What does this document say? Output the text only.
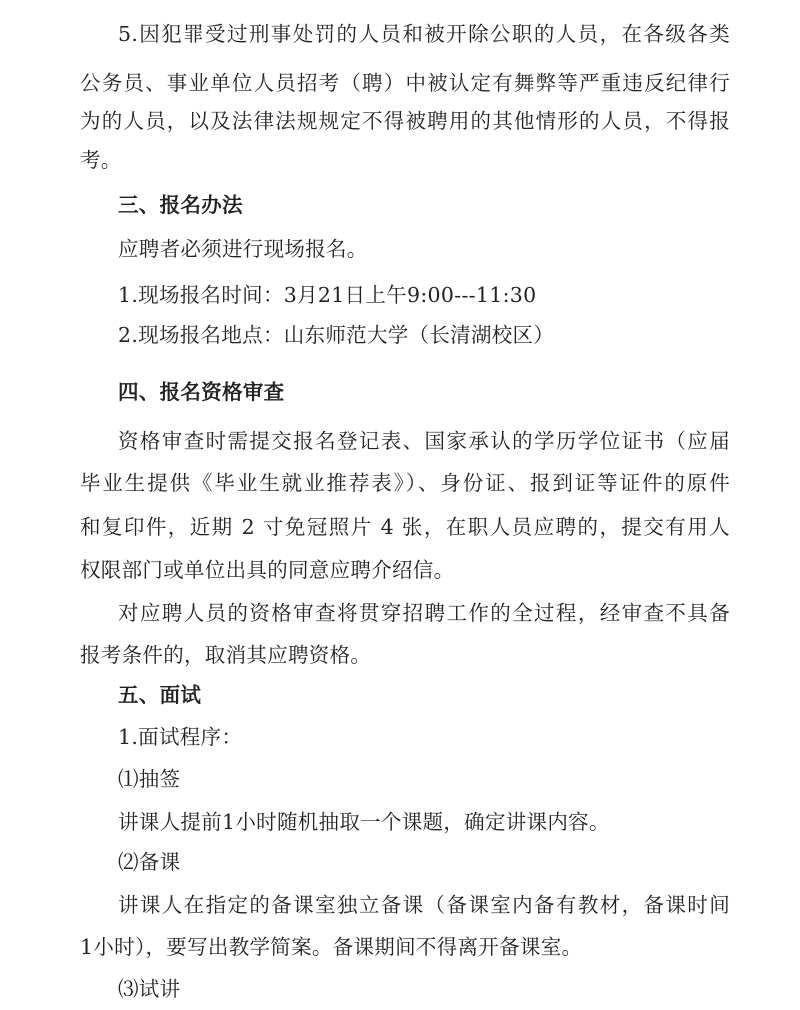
5.因犯罪受过刑事处罚的人员和被开除公职的人员，在各级各类
公务员、事业单位人员招考（聘）中被认定有舞弊等严重违反纪律行
为的人员，以及法律法规规定不得被聘用的其他情形的人员，不得报
考。
三、报名办法
应聘者必须进行现场报名。
1.现场报名时间：3月21日上午9:00---11:30
2.现场报名地点：山东师范大学（长清湖校区）
四、报名资格审查
资格审查时需提交报名登记表、国家承认的学历学位证书（应届
毕业生提供《毕业生就业推荐表》）、身份证、报到证等证件的原件
和复印件，近期 2 寸免冠照片 4 张，在职人员应聘的，提交有用人
权限部门或单位出具的同意应聘介绍信。
对应聘人员的资格审查将贯穿招聘工作的全过程，经审查不具备
报考条件的，取消其应聘资格。
五、面试
1.面试程序：
⑴抽签
讲课人提前1小时随机抽取一个课题，确定讲课内容。
⑵备课
讲课人在指定的备课室独立备课（备课室内备有教材，备课时间
1小时），要写出教学简案。备课期间不得离开备课室。
⑶试讲
